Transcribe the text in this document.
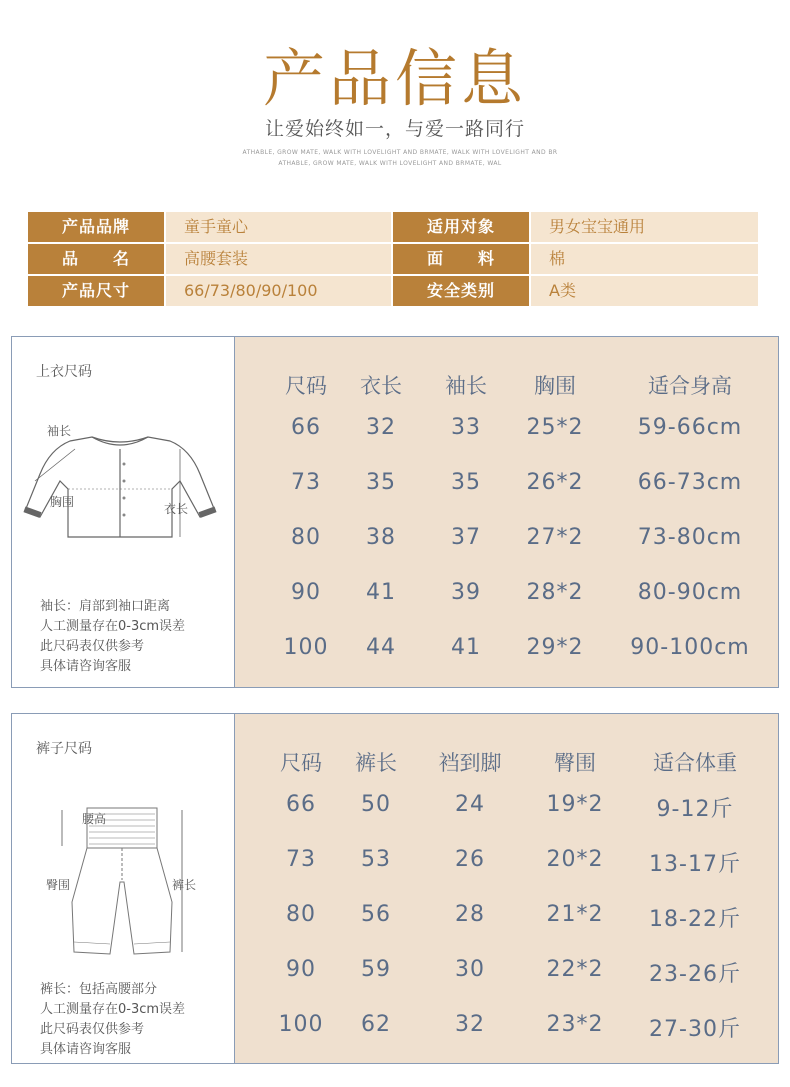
产品信息
让爱始终如一，与爱一路同行
ATHABLE, GROW MATE, WALK WITH LOVELIGHT AND BRMATE, WALK WITH LOVELIGHT AND BR
ATHABLE, GROW MATE, WALK WITH LOVELIGHT AND BRMATE, WAL
产品品牌	童手童心	适用对象	男女宝宝通用
品　　名	高腰套装	面　　料	棉
产品尺寸	66/73/80/90/100	安全类别	A类
上衣尺码
袖长
胸围	衣长
袖长：肩部到袖口距离
人工测量存在0-3cm误差
此尺码表仅供参考
具体请咨询客服
尺码	衣长	袖长	胸围	适合身高
66	32	33	25*2	59-66cm
73	35	35	26*2	66-73cm
80	38	37	27*2	73-80cm
90	41	39	28*2	80-90cm
100	44	41	29*2	90-100cm
裤子尺码
腰高
臀围	裤长
裤长：包括高腰部分
人工测量存在0-3cm误差
此尺码表仅供参考
具体请咨询客服
尺码	裤长	裆到脚	臀围	适合体重
66	50	24	19*2	9-12斤
73	53	26	20*2	13-17斤
80	56	28	21*2	18-22斤
90	59	30	22*2	23-26斤
100	62	32	23*2	27-30斤
